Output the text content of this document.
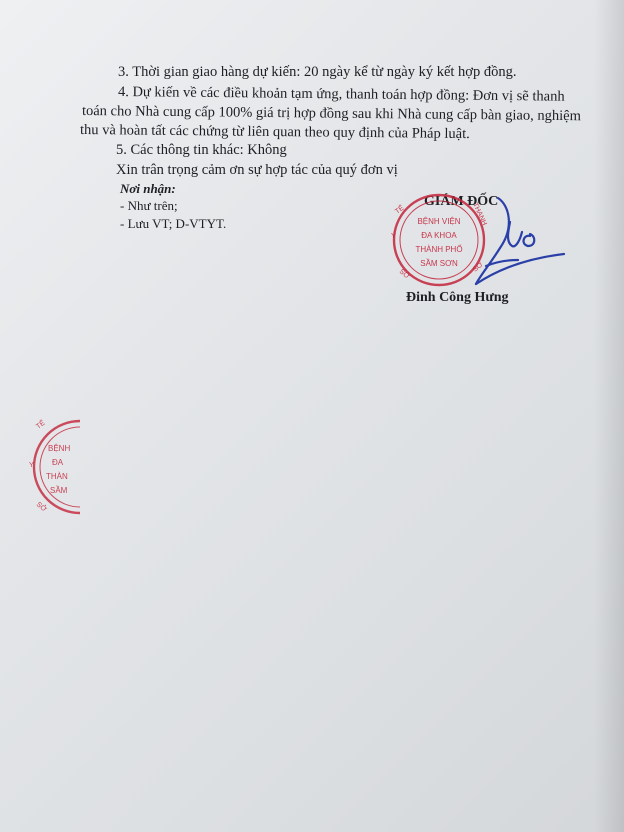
3. Thời gian giao hàng dự kiến: 20 ngày kể từ ngày ký kết hợp đồng.
4. Dự kiến về các điều khoản tạm ứng, thanh toán hợp đồng: Đơn vị sẽ thanh
toán cho Nhà cung cấp 100% giá trị hợp đồng sau khi Nhà cung cấp bàn giao, nghiệm
thu và hoàn tất các chứng từ liên quan theo quy định của Pháp luật.
5. Các thông tin khác: Không
Xin trân trọng cảm ơn sự hợp tác của quý đơn vị
Nơi nhận:
- Như trên;
- Lưu VT; D-VTYT.
GIÁM ĐỐC
Đinh Công Hưng
TẾ	THANH
Y
SỞ
SƠ
BỆNH VIỆN
ĐA KHOA
THÀNH PHỐ
SẦM SƠN
TẾ
Y
SỞ
BỆNH
ĐA
THÀN
SẦM
